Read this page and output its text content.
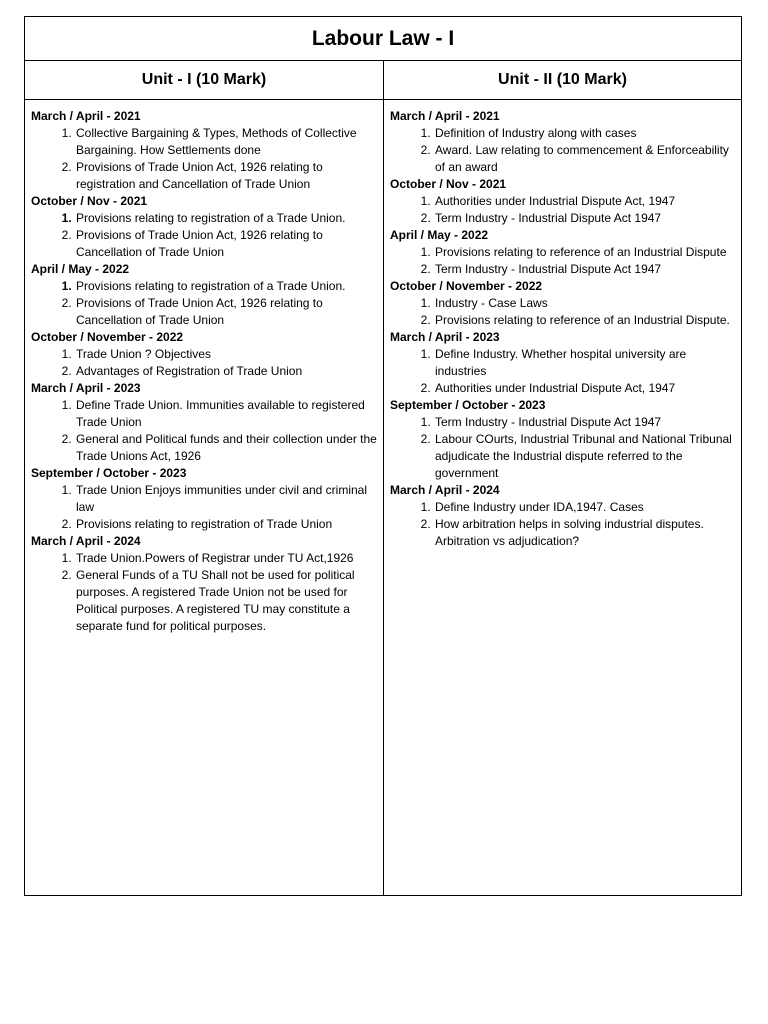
Labour Law - I
Unit - I (10 Mark)	Unit - II (10 Mark)
March / April - 2021
1. Collective Bargaining & Types, Methods of Collective Bargaining. How Settlements done
2. Provisions of Trade Union Act, 1926 relating to registration and Cancellation of Trade Union
October / Nov - 2021
1. Provisions relating to registration of a Trade Union.
2. Provisions of Trade Union Act, 1926 relating to Cancellation of Trade Union
April / May - 2022
1. Provisions relating to registration of a Trade Union.
2. Provisions of Trade Union Act, 1926 relating to Cancellation of Trade Union
October / November - 2022
1. Trade Union ? Objectives
2. Advantages of Registration of Trade Union
March / April - 2023
1. Define Trade Union. Immunities available to registered Trade Union
2. General and Political funds and their collection under the Trade Unions Act, 1926
September / October - 2023
1. Trade Union Enjoys immunities under civil and criminal law
2. Provisions relating to registration of Trade Union
March / April - 2024
1. Trade Union.Powers of Registrar under TU Act,1926
2. General Funds of a TU Shall not be used for political purposes. A registered Trade Union not be used for Political purposes. A registered TU may constitute a separate fund for political purposes.
March / April - 2021
1. Definition of Industry along with cases
2. Award. Law relating to commencement & Enforceability of an award
October / Nov - 2021
1. Authorities under Industrial Dispute Act, 1947
2. Term Industry - Industrial Dispute Act 1947
April / May - 2022
1. Provisions relating to reference of an Industrial Dispute
2. Term Industry - Industrial Dispute Act 1947
October / November - 2022
1. Industry - Case Laws
2. Provisions relating to reference of an Industrial Dispute.
March / April - 2023
1. Define Industry. Whether hospital university are industries
2. Authorities under Industrial Dispute Act, 1947
September / October - 2023
1. Term Industry - Industrial Dispute Act 1947
2. Labour COurts, Industrial Tribunal and National Tribunal adjudicate the Industrial dispute referred to the government
March / April - 2024
1. Define Industry under IDA,1947. Cases
2. How arbitration helps in solving industrial disputes. Arbitration vs adjudication?
